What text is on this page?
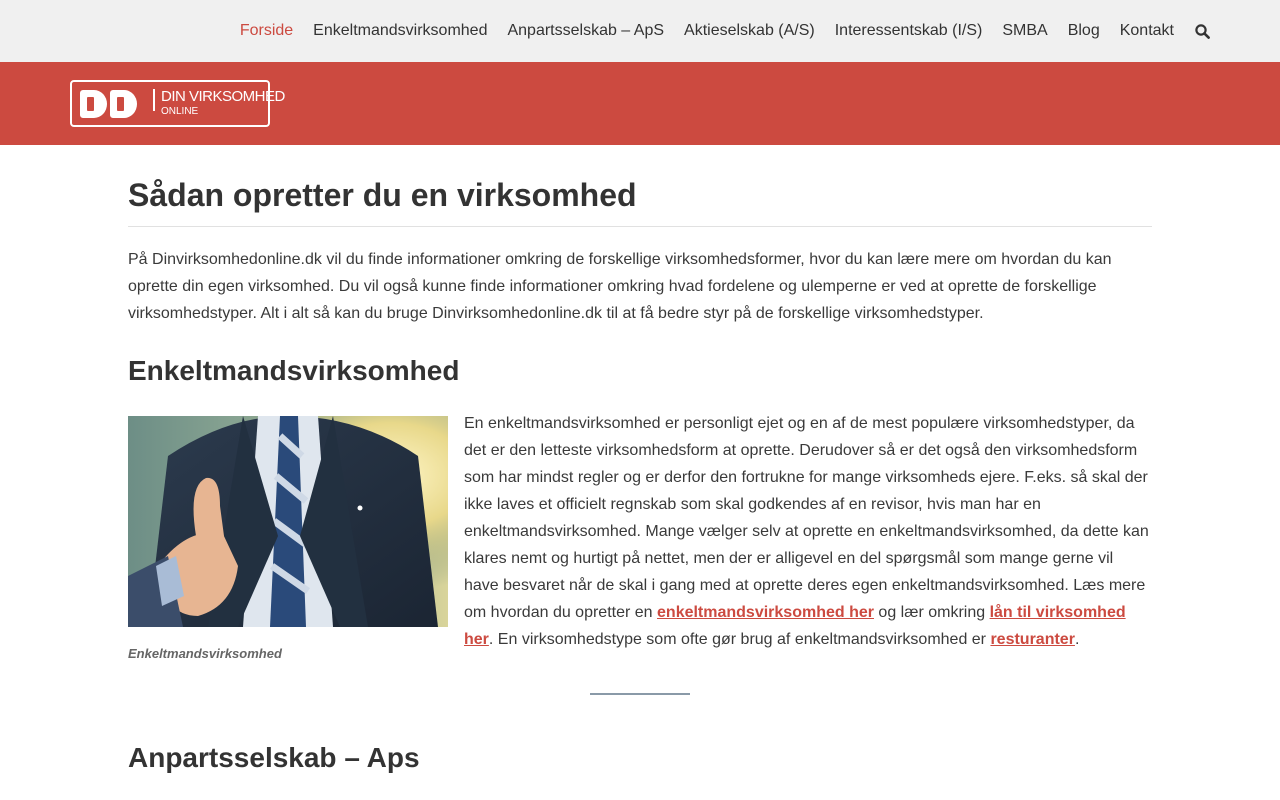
Forside Enkeltmandsvirksomhed Anpartsselskab – ApS Aktieselskab (A/S) Interessentskab (I/S) SMBA Blog Kontakt
DIN VIRKSOMHED
ONLINE
Sådan opretter du en virksomhed

På Dinvirksomhedonline.dk vil du finde informationer omkring de forskellige virksomhedsformer, hvor du kan lære mere om hvordan du kan oprette din egen virksomhed. Du vil også kunne finde informationer omkring hvad fordelene og ulemperne er ved at oprette de forskellige virksomhedstyper. Alt i alt så kan du bruge Dinvirksomhedonline.dk til at få bedre styr på de forskellige virksomhedstyper.

Enkeltmandsvirksomhed
Enkeltmandsvirksomhed

En enkeltmandsvirksomhed er personligt ejet og en af de mest populære virksomhedstyper, da det er den letteste virksomhedsform at oprette. Derudover så er det også den virksomhedsform som har mindst regler og er derfor den fortrukne for mange virksomheds ejere. F.eks. så skal der ikke laves et officielt regnskab som skal godkendes af en revisor, hvis man har en enkeltmandsvirksomhed. Mange vælger selv at oprette en enkeltmandsvirksomhed, da dette kan klares nemt og hurtigt på nettet, men der er alligevel en del spørgsmål som mange gerne vil have besvaret når de skal i gang med at oprette deres egen enkeltmandsvirksomhed. Læs mere om hvordan du opretter en enkeltmandsvirksomhed her og lær omkring lån til virksomhed her. En virksomhedstype som ofte gør brug af enkeltmandsvirksomhed er resturanter.

Anpartsselskab – Aps
